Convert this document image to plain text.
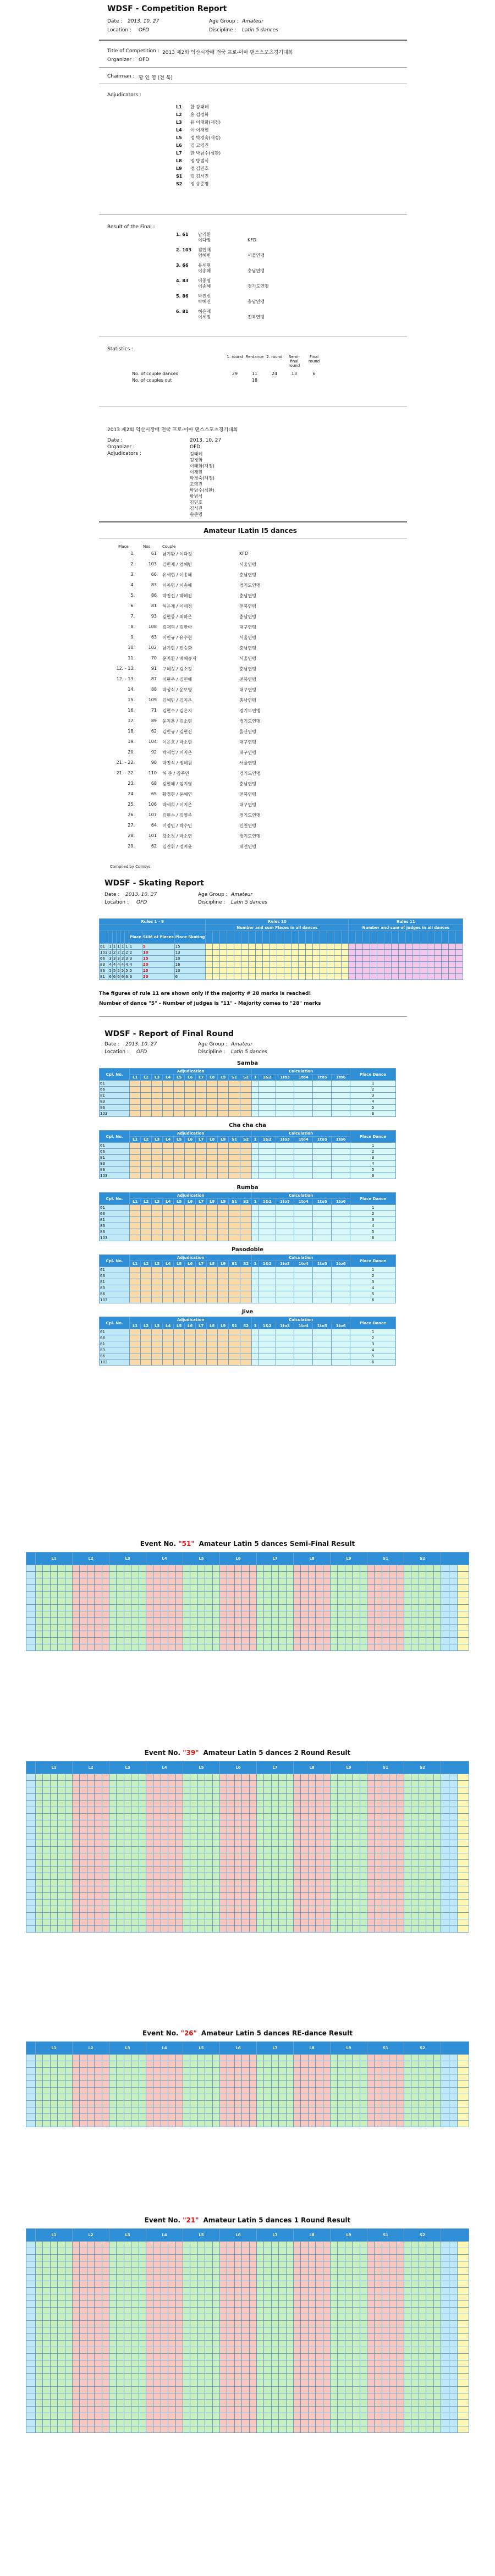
WDSF - Competition Report
Date : 2013. 10. 27	Age Group : Amateur
Location : OFD	Discipline : Latin 5 dances
Title of Competition : 2013 제2회 익산시장배 전국 프로-아마 댄스스포츠경기대회
Organizer : OFD
Chairman : 황 인 영 (전 북)
Adjudicators :
L1 한 강태혜
L2 홍 김경화
L3 유 이태화(재정)
L4 이 이재현
L5 정 박경숙(재정)
L6 김 고영진
L7 한 박남수(심판)
L8 정 방범식
L9 정 김민호
S1 김 김서진
S2 정 송준명
Result of the Final :
1. 61 남기환
이다정	KFD
2. 103 김민재
엄혜빈	서울연맹
3. 66 유세현
이송혜	충남연맹
4. 83 이종명
이송혜	경기도연맹
5. 86 박진선
박혜진	충남연맹
6. 81 허은재
이세정	전북연맹
Statistics :
1. round Re-dance 2. round	Semi-final round
Final round
No. of couple danced	29	11	24	13	6
No. of couples out	18
2013 제2회 익산시장배 전국 프로-아마 댄스스포츠경기대회
Date :	2013. 10. 27
Organizer :	OFD
Adjudicators :	김태혜
김경화
이태화(재정)
이재현
박경숙(재정)
고영진
박남수(심판)
방범식
김민호
김서진
송준명
Amateur ILatin I5 dances
Place	Nos	Couple
1.	61 남기환 / 이다정	KFD
2.	103 김민재 / 엄혜빈	서울연맹
3.	66 유세현 / 이송혜	충남연맹
4.	83 이종명 / 이송혜	경기도연맹
5.	86 박진선 / 박혜진	충남연맹
6.	81 허은재 / 이세정	전북연맹
7.	93 김현동 / 최하은	충남연맹
8.	108 김재혁 / 김한아	대구연맹
9.	63 이민규 / 유수현	서울연맹
10.	102 남기현 / 전승화	충남연맹
11.	70 윤지환 / 배혜승지	서울연맹
12. - 13.	91 구혜성 / 김소정	충남연맹
12. - 13.	87 이현우 / 김민혜	전북연맹
14.	88 박성식 / 윤보영	대구연맹
15.	109 김혜민 / 김지은	충남연맹
16.	71 김현수 / 김은지	경기도연맹
17.	89 윤지훈 / 김소현	경기도연맹
18.	62 김민규 / 김현진	울산연맹
19.	104 이은호 / 박소현	대구연맹
20.	92 박재성 / 이지은	대구연맹
21. - 22.	90 박진석 / 정혜원	서울연맹
21. - 22.	110 허 준 / 김주연	경기도연맹
23.	68 김현혜 / 엄지영	충남연맹
24.	65 황정현 / 윤혜연	전북연맹
25.	106 박세희 / 이지은	대구연맹
26.	107 김현수 / 김영주	경기도연맹
27.	64 이정민 / 박수민	인천연맹
28.	101 강소정 / 박소연	경기도연맹
29.	62 임진휘 / 정지윤	대전연맹
Compiled by Comsys
WDSF - Skating Report
Date : 2013. 10. 27	Age Group : Amateur
Location : OFD	Discipline : Latin 5 dances
Rules 1 - 9									Rules 10																				Rules 11															
									Number and sum Places in all dances																				Number and sum of judges in all dances															
						Place	SUM of Places	Place Skating																																				
61	1	1	1	1	1	1	5	15																																				
103	2	2	2	2	2	2	10	13																																				
66	3	3	3	3	3	3	15	10																																				
83	4	4	4	4	4	4	20	16																																				
86	5	5	5	5	5	5	25	10																																				
81	6	6	6	6	6	6	30	6																																				
The figures of rule 11 are shown only if the majority # 28 marks is reached!
Number of dance "5" - Number of judges is "11" - Majority comes to "28" marks
WDSF - Report of Final Round
Date : 2013. 10. 27	Age Group : Amateur
Location : OFD	Discipline : Latin 5 dances
Samba
Cpl. No.	Adjudication											Calculation						Place Dance
	L1	L2	L3	L4	L5	L6	L7	L8	L9	S1	S2	1	1&2	1to3	1to4	1to5	1to6	
61																		1
66																		2
81																		3
83																		4
86																		5
103																		6
Cha cha cha
Cpl. No.	Adjudication											Calculation						Place Dance
	L1	L2	L3	L4	L5	L6	L7	L8	L9	S1	S2	1	1&2	1to3	1to4	1to5	1to6	
61																		1
66																		2
81																		3
83																		4
86																		5
103																		6
Rumba
Cpl. No.	Adjudication											Calculation						Place Dance
	L1	L2	L3	L4	L5	L6	L7	L8	L9	S1	S2	1	1&2	1to3	1to4	1to5	1to6	
61																		1
66																		2
81																		3
83																		4
86																		5
103																		6
Pasodoble
Cpl. No.	Adjudication											Calculation						Place Dance
	L1	L2	L3	L4	L5	L6	L7	L8	L9	S1	S2	1	1&2	1to3	1to4	1to5	1to6	
61																		1
66																		2
81																		3
83																		4
86																		5
103																		6
Jive
Cpl. No.	Adjudication											Calculation						Place Dance
	L1	L2	L3	L4	L5	L6	L7	L8	L9	S1	S2	1	1&2	1to3	1to4	1to5	1to6	
61																		1
66																		2
81																		3
83																		4
86																		5
103																		6
Event No. "51" Amateur Latin 5 dances Semi-Final Result
	L1					L2					L3					L4					L5					L6					L7					L8					L9					S1					S2							

Event No. "39" Amateur Latin 5 dances 2 Round Result
	L1					L2					L3					L4					L5					L6					L7					L8					L9					S1					S2							

Event No. "26" Amateur Latin 5 dances RE-dance Result
	L1					L2					L3					L4					L5					L6					L7					L8					L9					S1					S2							

Event No. "21" Amateur Latin 5 dances 1 Round Result
	L1					L2					L3					L4					L5					L6					L7					L8					L9					S1					S2							
